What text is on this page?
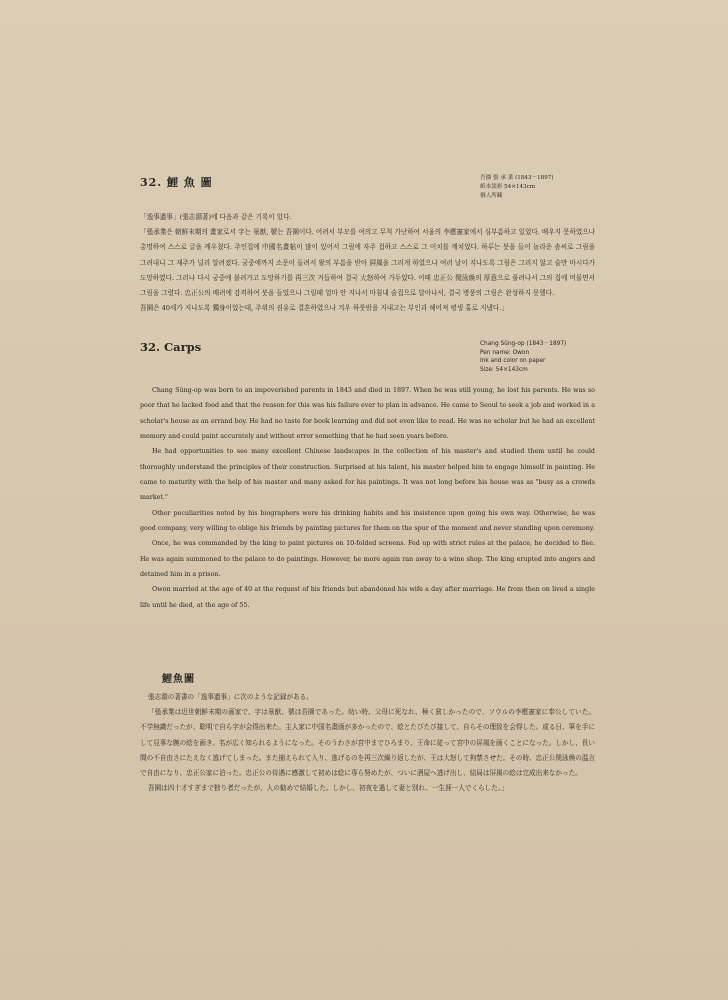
32. 鯉 魚 圖	吾園 張 承 業 (1843－1897)
紙本淡彩 54×143cm
個人所藏

「逸事遺事」(張志淵著)에 다음과 같은 기록이 있다.

「張承業은 朝鮮末期의 畫家로서 字는 景猷, 號는 吾園이다. 어려서 부모를 여의고 무척 가난하여 서울의 李應憲家에서 심부름하고 있었다. 배우지 못하였으나 총명하여 스스로 글을 깨우쳤다. 주인집에 中國名畫帖이 많이 있어서 그림에 자주 접하고 스스로 그 이치를 깨치었다. 하루는 붓을 들어 놀라운 솜씨로 그림을 그려내니 그 재주가 널리 알려졌다. 궁중에까지 소문이 들려서 왕의 부름을 받아 屛風을 그리게 하였으나 여러 날이 지나도록 그림은 그리지 않고 술만 마시다가 도망하였다. 그러나 다시 궁중에 불려가고 도망하기를 再三次 거듭하여 결국 大怒하여 가두었다. 이때 忠正公 閔泳煥의 厚意으로 풀려나서 그의 집에 머물면서 그림을 그렸다. 忠正公의 배려에 감격하여 붓을 들었으나 그릴때 얼마 안 지나서 마침내 술집으로 달아나서, 결국 병풍의 그림은 완성하지 못했다.

吾園은 40세가 지나도록 獨身이었는데, 주위의 권유로 결혼하였으나 겨우 하룻밤을 지내고는 부인과 헤어져 평생 홀로 지냈다.」

32. Carps	Chang Sŭng-op (1843－1897)
Pen name: Owon
Ink and color on paper
Size: 54×143cm

Chang Sŭng-op was born to an impoverished parents in 1843 and died in 1897. When he was still young, he lost his parents. He was so poor that he lacked food and that the reason for this was his failure ever to plan in advance. He came to Seoul to seek a job and worked in a scholar's house as an errand boy. He had no taste for book learning and did not even like to read. He was no scholar but he had an excellent memory and could paint accurately and without error something that he had seen years before.

He had opportunities to see many excellent Chinese landscapes in the collection of his master's and studied them until he could thoroughly understand the principles of their construction. Surprised at his talent, his master helped him to engage himself in painting. He came to maturity with the help of his master and many asked for his paintings. It was not long before his house was as "busy as a crowds market."

Other peculiarities noted by his biographers were his drinking habits and his insistence upon going his own way. Otherwise, he was good company, very willing to oblige his friends by painting pictures for them on the spur of the moment and never standing upon ceremony.

Once, he was commanded by the king to paint pictures on 10-folded screens. Fed up with strict rules at the palace, he decided to flee. He was again summoned to the palace to do paintings. However, he more again ran away to a wine shop. The king erupted into angers and detained him in a prison.

Owon married at the age of 40 at the request of his friends but abandoned his wife a day after marriage. He from then on lived a single life until he died, at the age of 55.

鯉魚圖

張志淵の著書の「逸事遺事」に次のような記録がある。

「張承業は近世朝鮮末期の画家で、字は景猷、號は吾園であった。幼い時、父母に死なれ、極く貧しかったので、ソウルの李應憲家に奉公していた。不学無識だったが、聡明で自ら字が会得出来た。主人家に中国名畫画が多かったので、絵とたびたび接して、自らその理致を会得した。或る日、筆を手にして見事な腕の絵を画き、名が広く知られるようになった。そのうわさが宮中までひろまり、王命に従って宮中の屏風を画くことになった。しかし、長い間の不自由さにたえなく逃げてしまった。また捕えられて入り、逃げるのを再三次繰り返したが、王は大怒して拘禁させた。その時、忠正公閔泳煥の温言で自由になり、忠正公家に泊った。忠正公の待遇に感激して初めは絵に専ら努めたが、ついに酒屋へ逃げ出し、結局は屏風の絵は完成出来なかった。

吾園は四十才すぎまで独り者だったが、人の勧めで結婚した。しかし、初夜を過して妻と別れ、一生涯一人でくらした。」
